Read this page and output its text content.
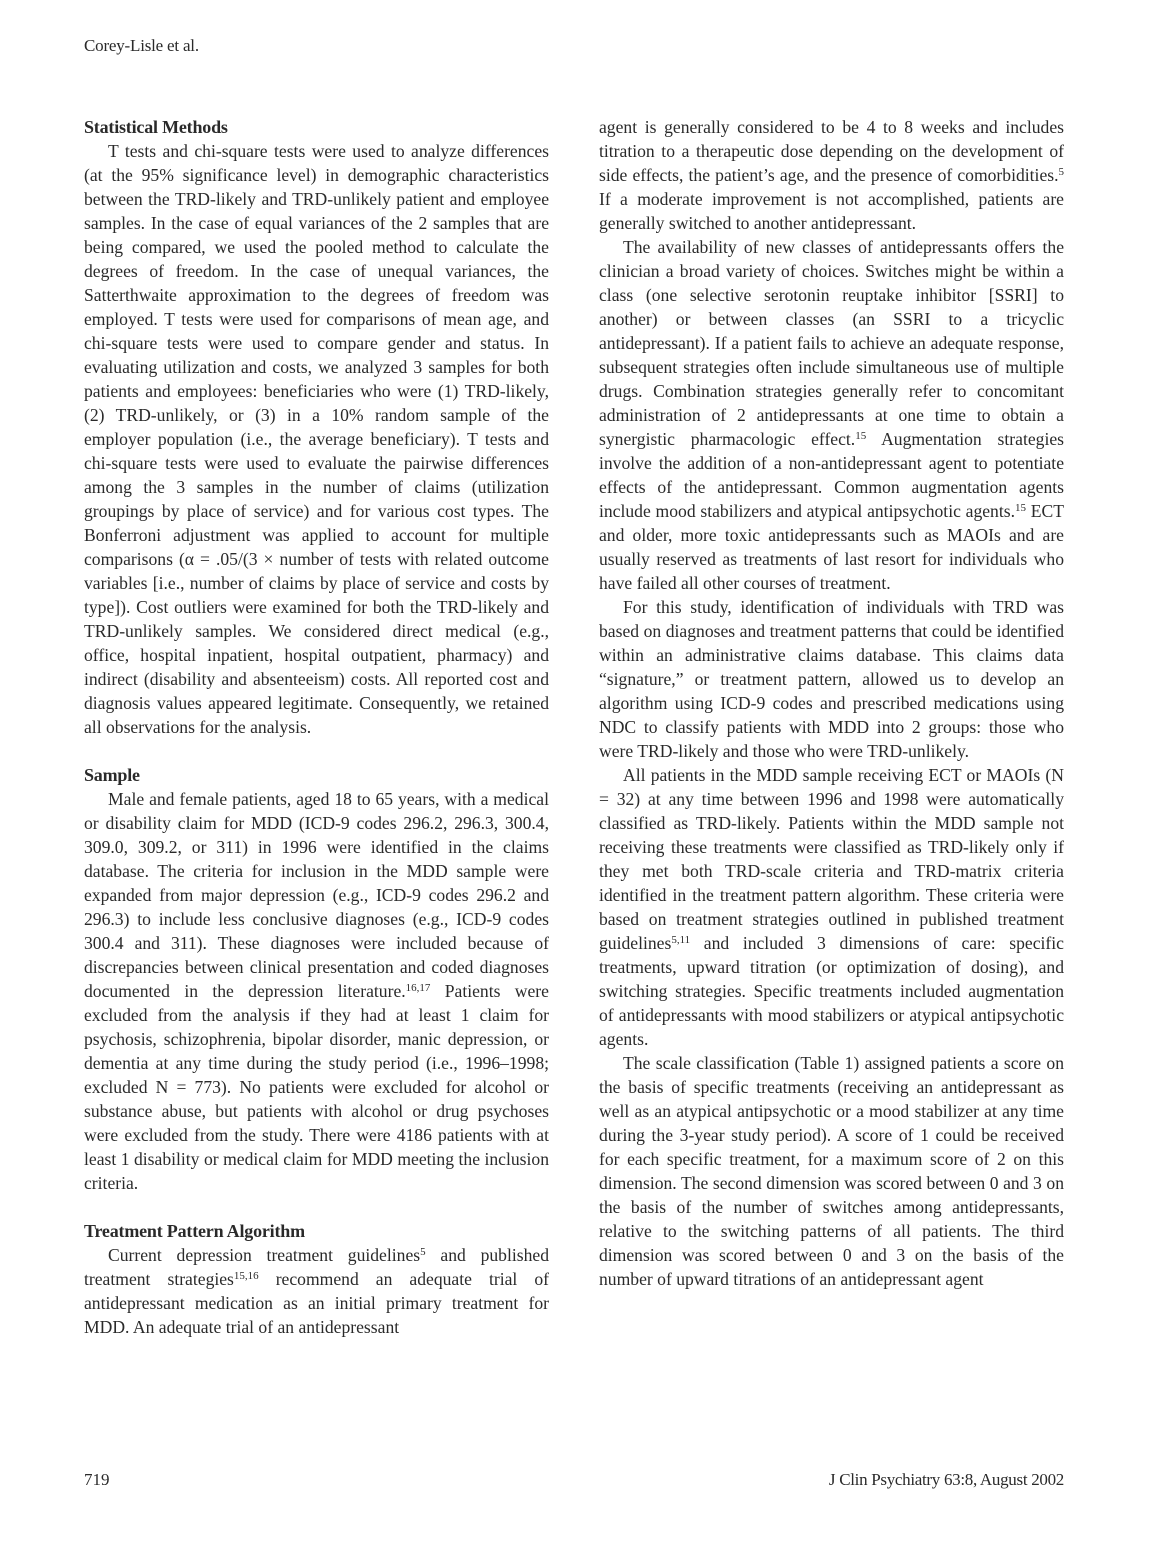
Corey-Lisle et al.
Statistical Methods

T tests and chi-square tests were used to analyze differences (at the 95% significance level) in demographic characteristics between the TRD-likely and TRD-unlikely patient and employee samples. In the case of equal variances of the 2 samples that are being compared, we used the pooled method to calculate the degrees of freedom. In the case of unequal variances, the Satterthwaite approximation to the degrees of freedom was employed. T tests were used for comparisons of mean age, and chi-square tests were used to compare gender and status. In evaluating utilization and costs, we analyzed 3 samples for both patients and employees: beneficiaries who were (1) TRD-likely, (2) TRD-unlikely, or (3) in a 10% random sample of the employer population (i.e., the average beneficiary). T tests and chi-square tests were used to evaluate the pairwise differences among the 3 samples in the number of claims (utilization groupings by place of service) and for various cost types. The Bonferroni adjustment was applied to account for multiple comparisons (α = .05/(3 × number of tests with related outcome variables [i.e., number of claims by place of service and costs by type]). Cost outliers were examined for both the TRD-likely and TRD-unlikely samples. We considered direct medical (e.g., office, hospital inpatient, hospital outpatient, pharmacy) and indirect (disability and absenteeism) costs. All reported cost and diagnosis values appeared legitimate. Consequently, we retained all observations for the analysis.

Sample

Male and female patients, aged 18 to 65 years, with a medical or disability claim for MDD (ICD-9 codes 296.2, 296.3, 300.4, 309.0, 309.2, or 311) in 1996 were identified in the claims database. The criteria for inclusion in the MDD sample were expanded from major depression (e.g., ICD-9 codes 296.2 and 296.3) to include less conclusive diagnoses (e.g., ICD-9 codes 300.4 and 311). These diagnoses were included because of discrepancies between clinical presentation and coded diagnoses documented in the depression literature.$^{16,17}$ Patients were excluded from the analysis if they had at least 1 claim for psychosis, schizophrenia, bipolar disorder, manic depression, or dementia at any time during the study period (i.e., 1996–1998; excluded N = 773). No patients were excluded for alcohol or substance abuse, but patients with alcohol or drug psychoses were excluded from the study. There were 4186 patients with at least 1 disability or medical claim for MDD meeting the inclusion criteria.

Treatment Pattern Algorithm

Current depression treatment guidelines$^5$ and published treatment strategies$^{15,16}$ recommend an adequate trial of antidepressant medication as an initial primary treatment for MDD. An adequate trial of an antidepressant

agent is generally considered to be 4 to 8 weeks and includes titration to a therapeutic dose depending on the development of side effects, the patient’s age, and the presence of comorbidities.$^5$ If a moderate improvement is not accomplished, patients are generally switched to another antidepressant.

The availability of new classes of antidepressants offers the clinician a broad variety of choices. Switches might be within a class (one selective serotonin reuptake inhibitor [SSRI] to another) or between classes (an SSRI to a tricyclic antidepressant). If a patient fails to achieve an adequate response, subsequent strategies often include simultaneous use of multiple drugs. Combination strategies generally refer to concomitant administration of 2 antidepressants at one time to obtain a synergistic pharmacologic effect.$^{15}$ Augmentation strategies involve the addition of a non-antidepressant agent to potentiate effects of the antidepressant. Common augmentation agents include mood stabilizers and atypical antipsychotic agents.$^{15}$ ECT and older, more toxic antidepressants such as MAOIs and are usually reserved as treatments of last resort for individuals who have failed all other courses of treatment.

For this study, identification of individuals with TRD was based on diagnoses and treatment patterns that could be identified within an administrative claims database. This claims data “signature,” or treatment pattern, allowed us to develop an algorithm using ICD-9 codes and prescribed medications using NDC to classify patients with MDD into 2 groups: those who were TRD-likely and those who were TRD-unlikely.

All patients in the MDD sample receiving ECT or MAOIs (N = 32) at any time between 1996 and 1998 were automatically classified as TRD-likely. Patients within the MDD sample not receiving these treatments were classified as TRD-likely only if they met both TRD-scale criteria and TRD-matrix criteria identified in the treatment pattern algorithm. These criteria were based on treatment strategies outlined in published treatment guidelines$^{5,11}$ and included 3 dimensions of care: specific treatments, upward titration (or optimization of dosing), and switching strategies. Specific treatments included augmentation of antidepressants with mood stabilizers or atypical antipsychotic agents.

The scale classification (Table 1) assigned patients a score on the basis of specific treatments (receiving an antidepressant as well as an atypical antipsychotic or a mood stabilizer at any time during the 3-year study period). A score of 1 could be received for each specific treatment, for a maximum score of 2 on this dimension. The second dimension was scored between 0 and 3 on the basis of the number of switches among antidepressants, relative to the switching patterns of all patients. The third dimension was scored between 0 and 3 on the basis of the number of upward titrations of an antidepressant agent

719	J Clin Psychiatry 63:8, August 2002
